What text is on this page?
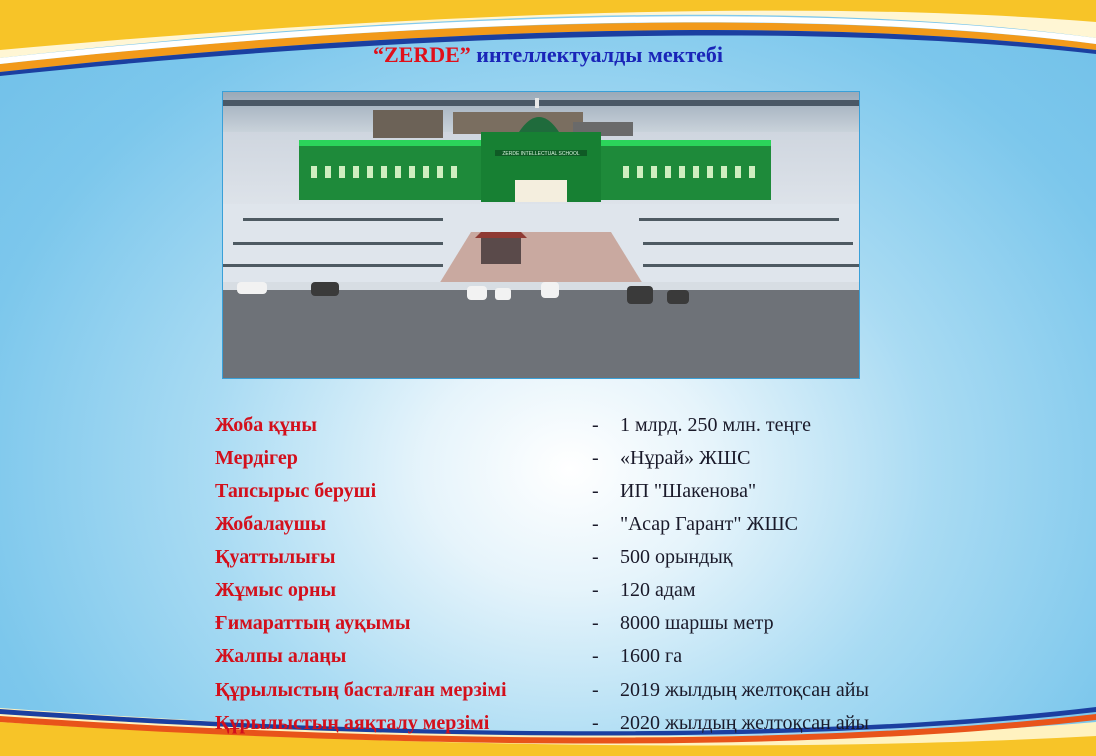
“ZERDE” интеллектуалды мектебі
ZERDE INTELLECTUAL SCHOOL
Жоба құны	- 1 млрд. 250 млн. теңге
Мердігер	- «Нұрай» ЖШС
Тапсырыс беруші	- ИП "Шакенова"
Жобалаушы	- "Асар Гарант" ЖШС
Қуаттылығы	- 500 орындық
Жұмыс орны	- 120 адам
Ғимараттың ауқымы	- 8000 шаршы метр
Жалпы алаңы	- 1600 га
Құрылыстың басталған мерзімі	- 2019 жылдың желтоқсан айы
Құрылыстың аяқталу мерзімі	- 2020 жылдың желтоқсан айы
